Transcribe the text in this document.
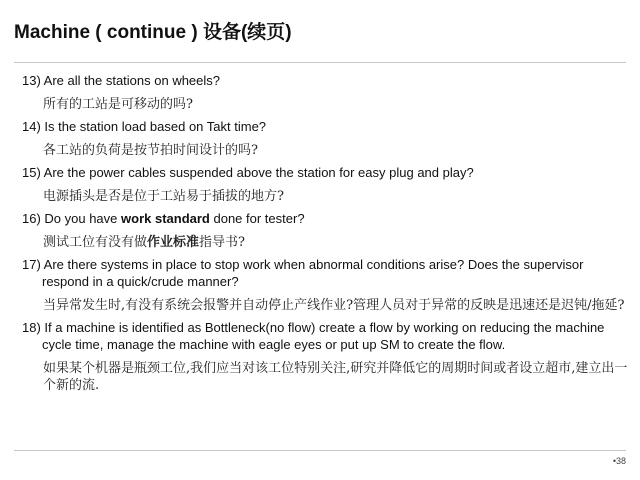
Machine ( continue ) 设备(续页)

13) Are all the stations on wheels?

所有的工站是可移动的吗?

14) Is the station load based on Takt time?

各工站的负荷是按节拍时间设计的吗?

15) Are the power cables suspended above the station for easy plug and play?

电源插头是否是位于工站易于插拔的地方?

16) Do you have work standard done for tester?

测试工位有没有做作业标准指导书?

17) Are there systems in place to stop work when abnormal conditions arise? Does the supervisor respond in a quick/crude manner?

当异常发生时,有没有系统会报警并自动停止产线作业?管理人员对于异常的反映是迅速还是迟钝/拖延?

18) If a machine is identified as Bottleneck(no flow) create a flow by working on reducing the machine cycle time, manage the machine with eagle eyes or put up SM to create the flow.

如果某个机器是瓶颈工位,我们应当对该工位特别关注,研究并降低它的周期时间或者设立超市,建立出一个新的流.

•38
